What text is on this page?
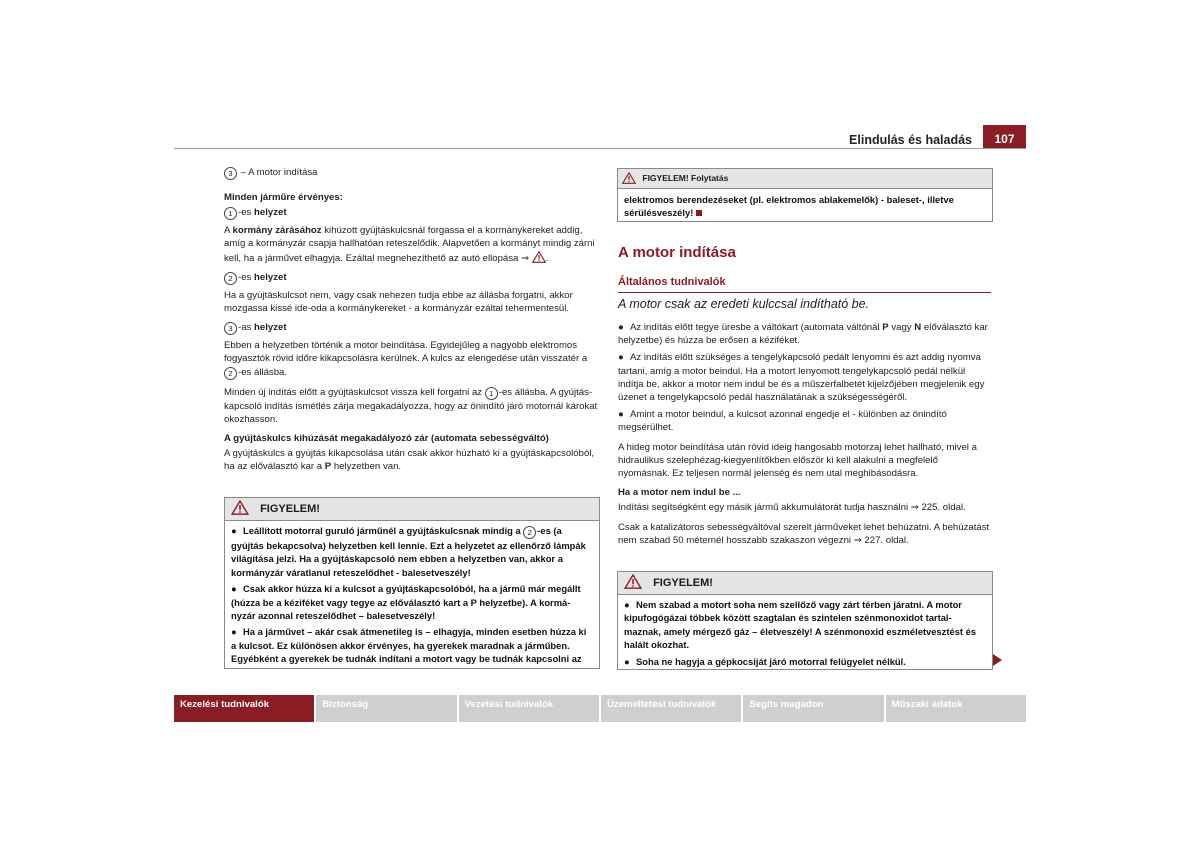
Elindulás és haladás	107

3 – A motor indítása

Minden járműre érvényes:

1 -es helyzet

A kormány zárásához kihúzott gyújtáskulcsnál forgassa el a kormánykereket addig, amíg a kormányzár csapja hallhatóan reteszelődik. Alapvetően a kormányt mindig zárni kell, ha a járművet elhagyja. Ezáltal megnehezíthető az autó ellopása ⇒ .

2 -es helyzet

Ha a gyújtáskulcsot nem, vagy csak nehezen tudja ebbe az állásba forgatni, akkor mozgassa kissé ide-oda a kormánykereket - a kormányzár ezáltal tehermentesül.

3 -as helyzet

Ebben a helyzetben történik a motor beindítása. Egyidejűleg a nagyobb elektromos fogyasztók rövid időre kikapcsolásra kerülnek. A kulcs az elengedése után visszatér a 2 -es állásba.

Minden új indítás előtt a gyújtáskulcsot vissza kell forgatni az 1 -es állásba. A gyújtás-kapcsoló indítás ismétlés zárja megakadályozza, hogy az önindító járó motornál károkat okozhasson.

A gyújtáskulcs kihúzását megakadályozó zár (automata sebességváltó)

A gyújtáskulcs a gyújtás kikapcsolása után csak akkor húzható ki a gyújtáskapcsolóból, ha az előválasztó kar a P helyzetben van.

FIGYELEM!

● Leállított motorral guruló járműnél a gyújtáskulcsnak mindig a 2 -es (a gyújtás bekapcsolva) helyzetben kell lennie. Ezt a helyzetet az ellenőrző lámpák világítása jelzi. Ha a gyújtáskapcsoló nem ebben a helyzetben van, akkor a kormányzár váratlanul reteszelődhet - balesetveszély!

● Csak akkor húzza ki a kulcsot a gyújtáskapcsolóból, ha a jármű már megállt (húzza be a kéziféket vagy tegye az előválasztó kart a P helyzetbe). A kormá-nyzár azonnal reteszelődhet – balesetveszély!

● Ha a járművet – akár csak átmenetileg is – elhagyja, minden esetben húzza ki a kulcsot. Ez különösen akkor érvényes, ha gyerekek maradnak a járműben. Egyébként a gyerekek be tudnák indítani a motort vagy be tudnák kapcsolni az

FIGYELEM! Folytatás
elektromos berendezéseket (pl. elektromos ablakemelők) - baleset-, illetve sérülésveszély!
A motor indítása
Általános tudnivalók
A motor csak az eredeti kulccsal indítható be.

● Az indítás előtt tegye üresbe a váltókart (automata váltónál P vagy N előválasztó kar helyzetbe) és húzza be erősen a kéziféket.

● Az indítás előtt szükséges a tengelykapcsoló pedált lenyomni és azt addig nyomva tartani, amíg a motor beindul. Ha a motort lenyomott tengelykapcsoló pedál nélkül indítja be, akkor a motor nem indul be és a műszerfalbetét kijelzőjében megjelenik egy üzenet a tengelykapcsoló pedál használatának a szükségességéről.

● Amint a motor beindul, a kulcsot azonnal engedje el - különben az önindító megsérülhet.

A hideg motor beindítása után rövid ideig hangosabb motorzaj lehet hallható, mivel a hidraulikus szelephézag-kiegyenlítőkben először ki kell alakulni a megfelelő nyomásnak. Ez teljesen normál jelenség és nem utal meghibásodásra.

Ha a motor nem indul be ...

Indítási segítségként egy másik jármű akkumulátorát tudja használni ⇒ 225. oldal.

Csak a katalizátoros sebességváltóval szerelt járműveket lehet behúzatni. A behúzatást nem szabad 50 méternél hosszabb szakaszon végezni ⇒ 227. oldal.

FIGYELEM!

● Nem szabad a motort soha nem szellőző vagy zárt térben járatni. A motor kipufogógázai többek között szagtalan és szintelen szénmonoxidot tartal-maznak, amely mérgező gáz – életveszély! A szénmonoxid eszméletvesztést és halált okozhat.

● Soha ne hagyja a gépkocsiját járó motorral felügyelet nélkül.

Kezelési tudnivalók	Biztonság	Vezetési tudnivalók	Üzemeltetési tudnivalók	Segíts magadon	Műszaki adatok
